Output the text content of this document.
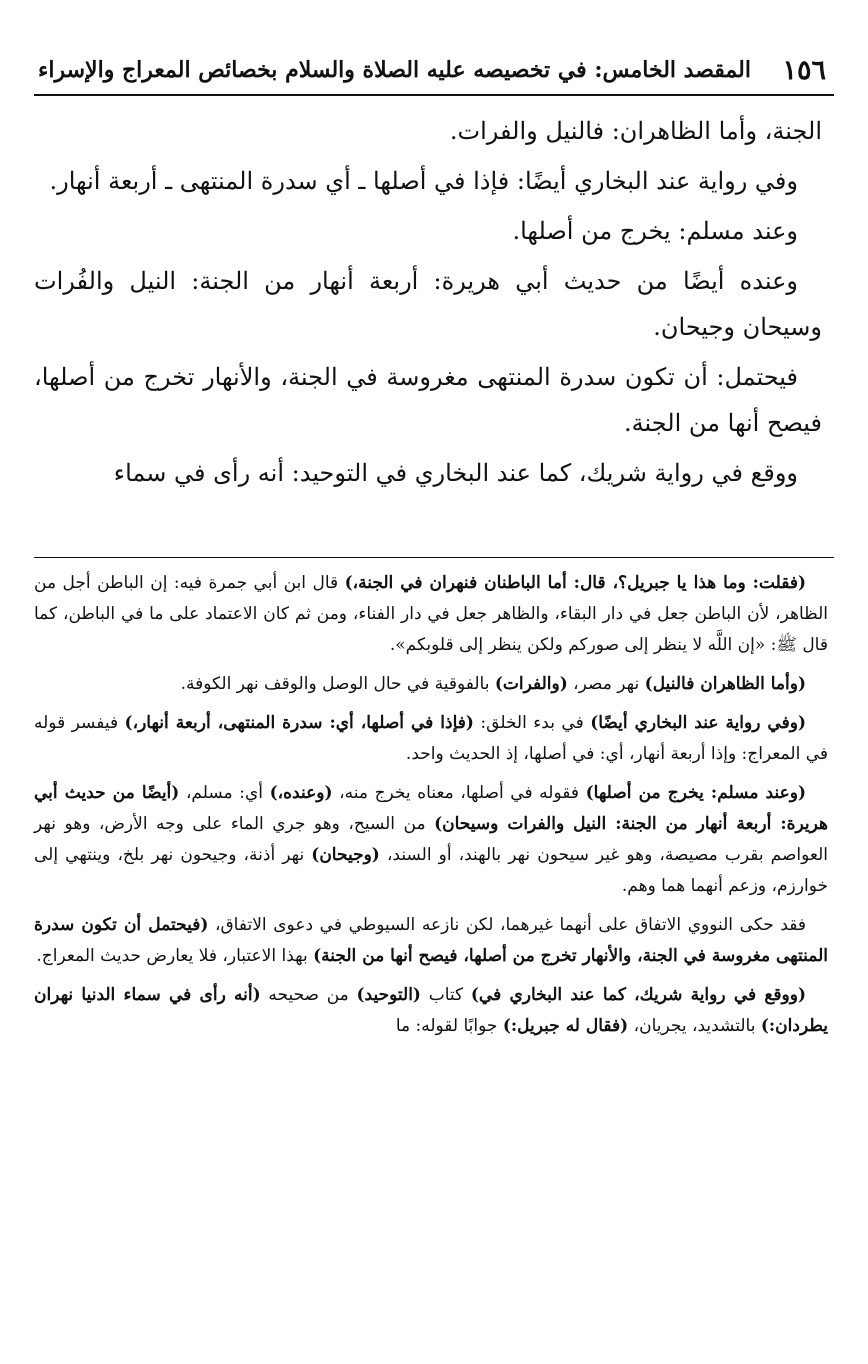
١٥٦
المقصد الخامس: في تخصيصه عليه الصلاة والسلام بخصائص المعراج والإسراء

الجنة، وأما الظاهران: فالنيل والفرات.

وفي رواية عند البخاري أيضًا: فإذا في أصلها ـ أي سدرة المنتهى ـ أربعة أنهار.

وعند مسلم: يخرج من أصلها.

وعنده أيضًا من حديث أبي هريرة: أربعة أنهار من الجنة: النيل والفُرات وسيحان وجيحان.

فيحتمل: أن تكون سدرة المنتهى مغروسة في الجنة، والأنهار تخرج من أصلها، فيصح أنها من الجنة.

ووقع في رواية شريك، كما عند البخاري في التوحيد: أنه رأى في سماء

(فقلت: وما هذا يا جبريل؟، قال: أما الباطنان فنهران في الجنة،) قال ابن أبي جمرة فيه: إن الباطن أجل من الظاهر، لأن الباطن جعل في دار البقاء، والظاهر جعل في دار الفناء، ومن ثم كان الاعتماد على ما في الباطن، كما قال ﷺ: «إن اللَّه لا ينظر إلى صوركم ولكن ينظر إلى قلوبكم».

(وأما الظاهران فالنيل) نهر مصر، (والفرات) بالفوقية في حال الوصل والوقف نهر الكوفة.

(وفي رواية عند البخاري أيضًا) في بدء الخلق: (فإذا في أصلها، أي: سدرة المنتهى، أربعة أنهار،) فيفسر قوله في المعراج: وإذا أربعة أنهار، أي: في أصلها، إذ الحديث واحد.

(وعند مسلم: يخرج من أصلها) فقوله في أصلها، معناه يخرج منه، (وعنده،) أي: مسلم، (أيضًا من حديث أبي هريرة: أربعة أنهار من الجنة: النيل والفرات وسيحان) من السيح، وهو جري الماء على وجه الأرض، وهو نهر العواصم بقرب مصيصة، وهو غير سيحون نهر بالهند، أو السند، (وجيحان) نهر أذنة، وجيحون نهر بلخ، وينتهي إلى خوارزم، وزعم أنهما هما وهم.

فقد حكى النووي الاتفاق على أنهما غيرهما، لكن نازعه السيوطي في دعوى الاتفاق، (فيحتمل أن تكون سدرة المنتهى مغروسة في الجنة، والأنهار تخرج من أصلها، فيصح أنها من الجنة) بهذا الاعتبار، فلا يعارض حديث المعراج.

(ووقع في رواية شريك، كما عند البخاري في) كتاب (التوحيد) من صحيحه (أنه رأى في سماء الدنيا نهران يطردان:) بالتشديد، يجريان، (فقال له جبريل:) جوابًا لقوله: ما
